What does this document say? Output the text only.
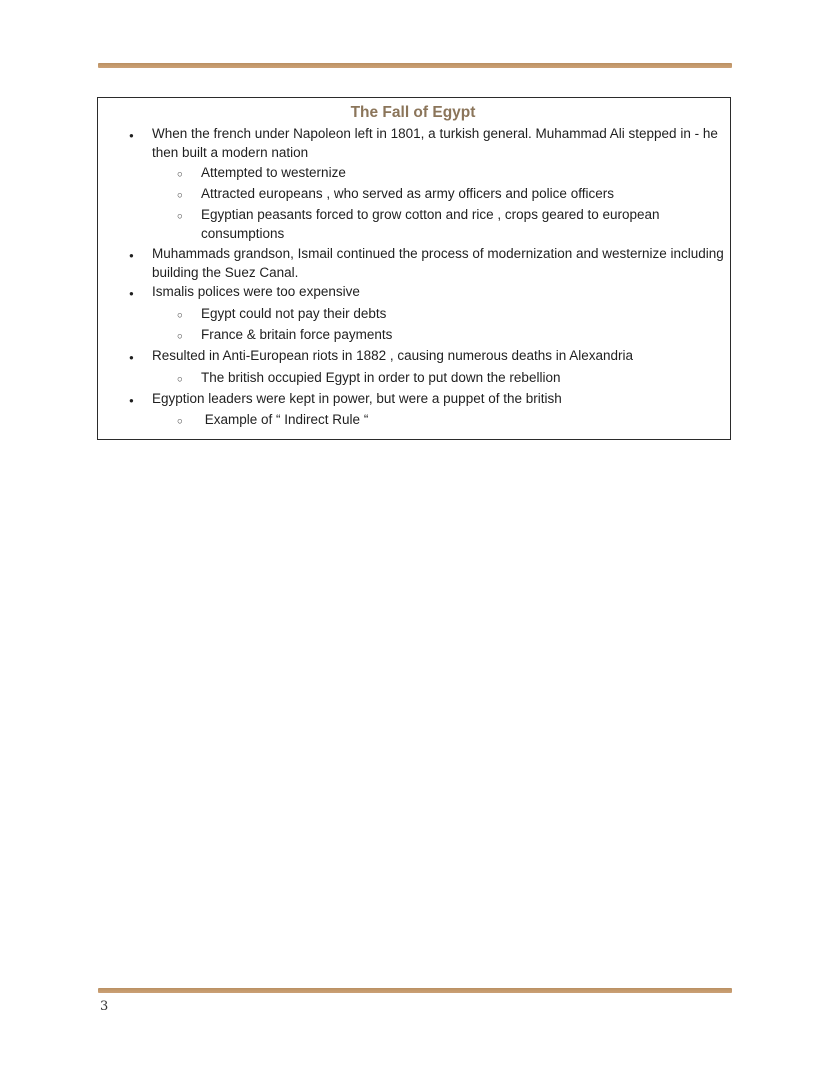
The Fall of Egypt
●	When the french under Napoleon left in 1801, a turkish general. Muhammad Ali stepped in - he then built a modern nation
○	Attempted to westernize
○	Attracted europeans , who served as army officers and police officers
○	Egyptian peasants forced to grow cotton and rice , crops geared to european consumptions
●	Muhammads grandson, Ismail continued the process of modernization and westernize including building the Suez Canal.
●	Ismalis polices were too expensive
○	Egypt could not pay their debts
○	France & britain force payments
●	Resulted in Anti-European riots in 1882 , causing numerous deaths in Alexandria
○	The british occupied Egypt in order to put down the rebellion
●	Egyption leaders were kept in power, but were a puppet of the british
○	Example of “ Indirect Rule “
3
